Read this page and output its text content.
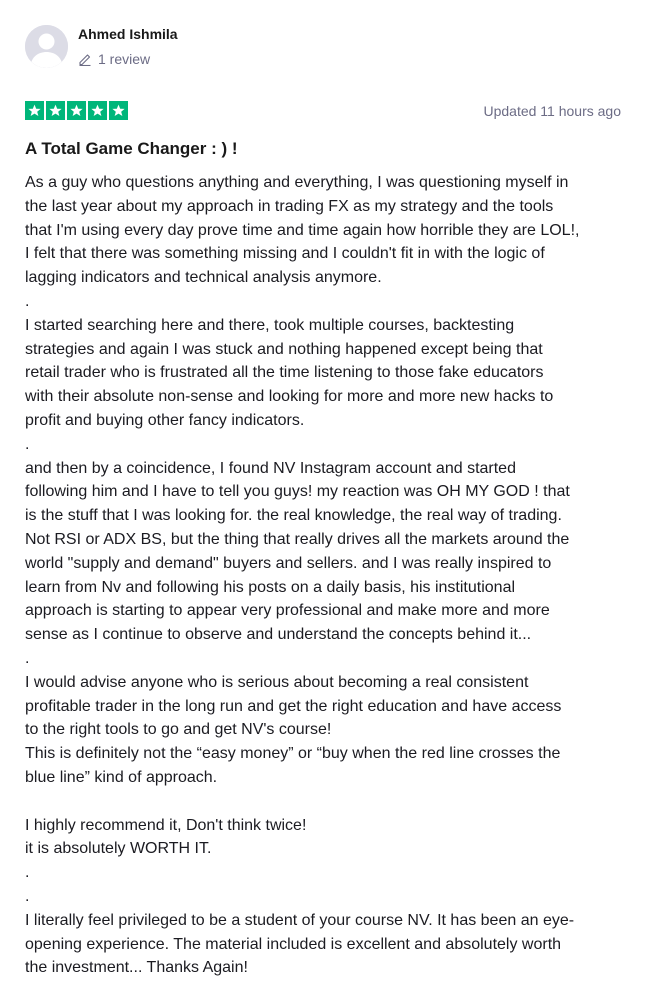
Ahmed Ishmila
1 review
Updated 11 hours ago
A Total Game Changer : ) !
As a guy who questions anything and everything, I was questioning myself in
the last year about my approach in trading FX as my strategy and the tools
that I'm using every day prove time and time again how horrible they are LOL!,
I felt that there was something missing and I couldn't fit in with the logic of
lagging indicators and technical analysis anymore.
.
I started searching here and there, took multiple courses, backtesting
strategies and again I was stuck and nothing happened except being that
retail trader who is frustrated all the time listening to those fake educators
with their absolute non-sense and looking for more and more new hacks to
profit and buying other fancy indicators.
.
and then by a coincidence, I found NV Instagram account and started
following him and I have to tell you guys! my reaction was OH MY GOD ! that
is the stuff that I was looking for. the real knowledge, the real way of trading.
Not RSI or ADX BS, but the thing that really drives all the markets around the
world "supply and demand" buyers and sellers. and I was really inspired to
learn from Nv and following his posts on a daily basis, his institutional
approach is starting to appear very professional and make more and more
sense as I continue to observe and understand the concepts behind it...
.
I would advise anyone who is serious about becoming a real consistent
profitable trader in the long run and get the right education and have access
to the right tools to go and get NV's course!
This is definitely not the “easy money” or “buy when the red line crosses the
blue line” kind of approach.
I highly recommend it, Don't think twice!
it is absolutely WORTH IT.
.
.
I literally feel privileged to be a student of your course NV. It has been an eye-
opening experience. The material included is excellent and absolutely worth
the investment... Thanks Again!
